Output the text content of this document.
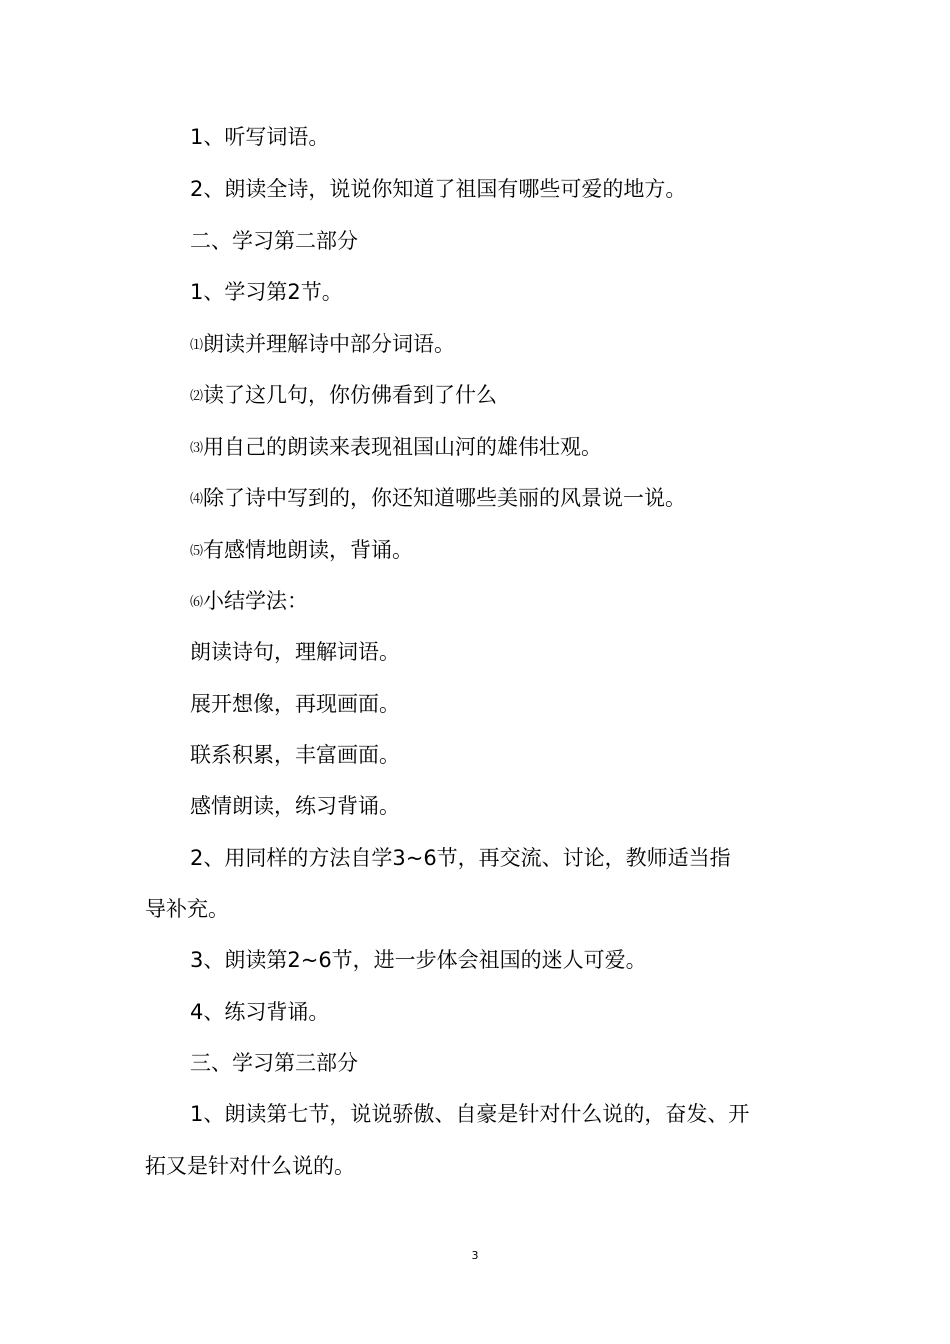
1、听写词语。
2、朗读全诗，说说你知道了祖国有哪些可爱的地方。
二、学习第二部分
1、学习第2节。
⑴朗读并理解诗中部分词语。
⑵读了这几句，你仿佛看到了什么
⑶用自己的朗读来表现祖国山河的雄伟壮观。
⑷除了诗中写到的，你还知道哪些美丽的风景说一说。
⑸有感情地朗读，背诵。
⑹小结学法：
朗读诗句，理解词语。
展开想像，再现画面。
联系积累，丰富画面。
感情朗读，练习背诵。
2、用同样的方法自学3~6节，再交流、讨论，教师适当指
导补充。
3、朗读第2~6节，进一步体会祖国的迷人可爱。
4、练习背诵。
三、学习第三部分
1、朗读第七节，说说骄傲、自豪是针对什么说的，奋发、开
拓又是针对什么说的。
3
